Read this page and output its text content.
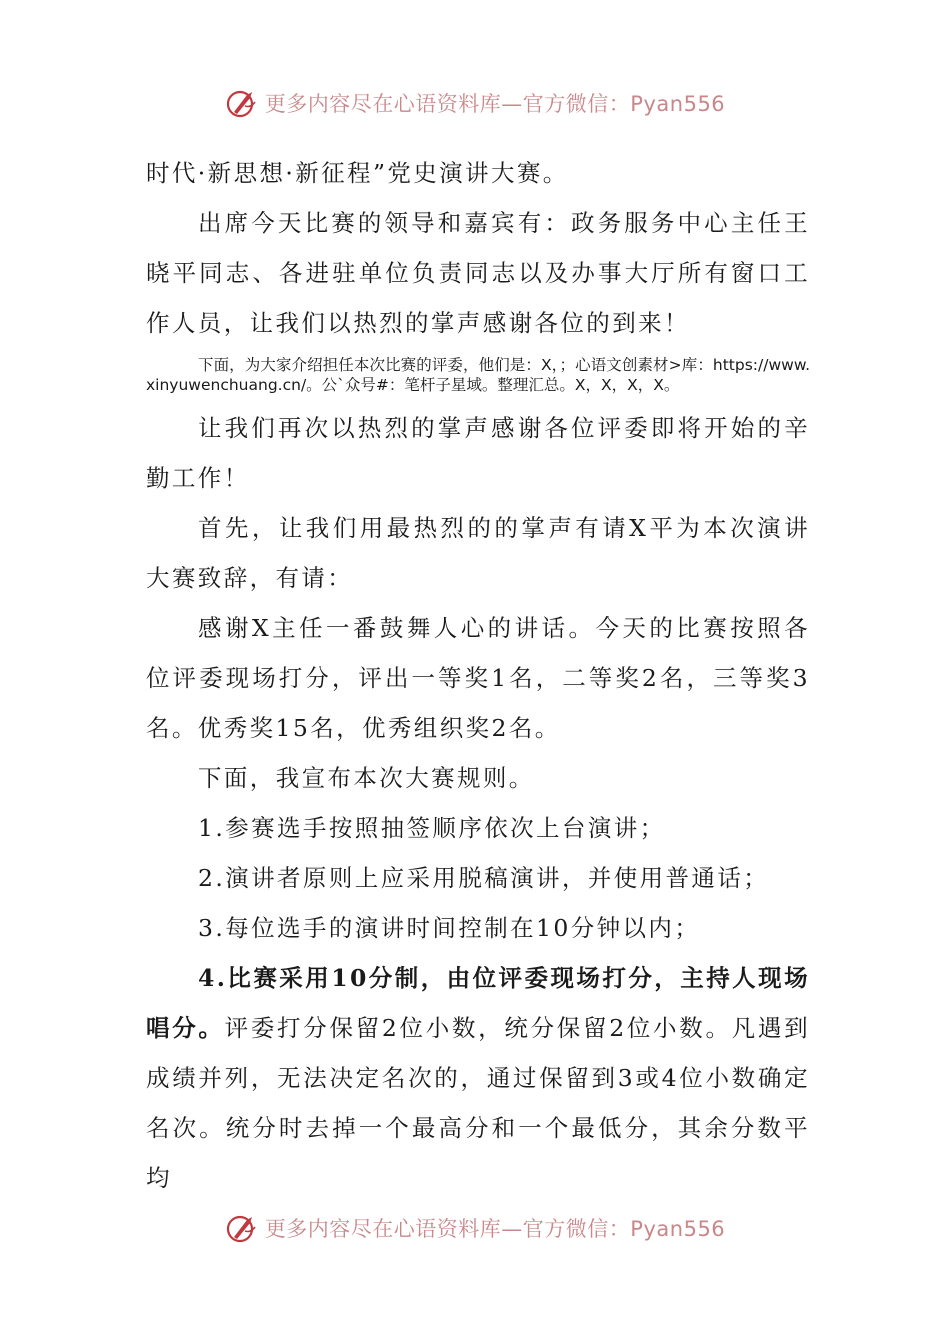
更多内容尽在心语资料库—官方微信：Pyan556

时代·新思想·新征程”党史演讲大赛。

出席今天比赛的领导和嘉宾有：政务服务中心主任王晓平同志、各进驻单位负责同志以及办事大厅所有窗口工作人员，让我们以热烈的掌声感谢各位的到来！

下面，为大家介绍担任本次比赛的评委，他们是：X，；心语文创素材>库：https://www.xinyuwenchuang.cn/。公`众号#：笔杆子星域。整理汇总。X，X，X，X。

让我们再次以热烈的掌声感谢各位评委即将开始的辛勤工作！

首先，让我们用最热烈的的掌声有请X平为本次演讲大赛致辞，有请：

感谢X主任一番鼓舞人心的讲话。今天的比赛按照各位评委现场打分，评出一等奖1名，二等奖2名，三等奖3名。优秀奖15名，优秀组织奖2名。

下面，我宣布本次大赛规则。

1.参赛选手按照抽签顺序依次上台演讲；

2.演讲者原则上应采用脱稿演讲，并使用普通话；

3.每位选手的演讲时间控制在10分钟以内；

4.比赛采用10分制，由位评委现场打分，主持人现场唱分。评委打分保留2位小数，统分保留2位小数。凡遇到成绩并列，无法决定名次的，通过保留到3或4位小数确定名次。统分时去掉一个最高分和一个最低分，其余分数平均

更多内容尽在心语资料库—官方微信：Pyan556
